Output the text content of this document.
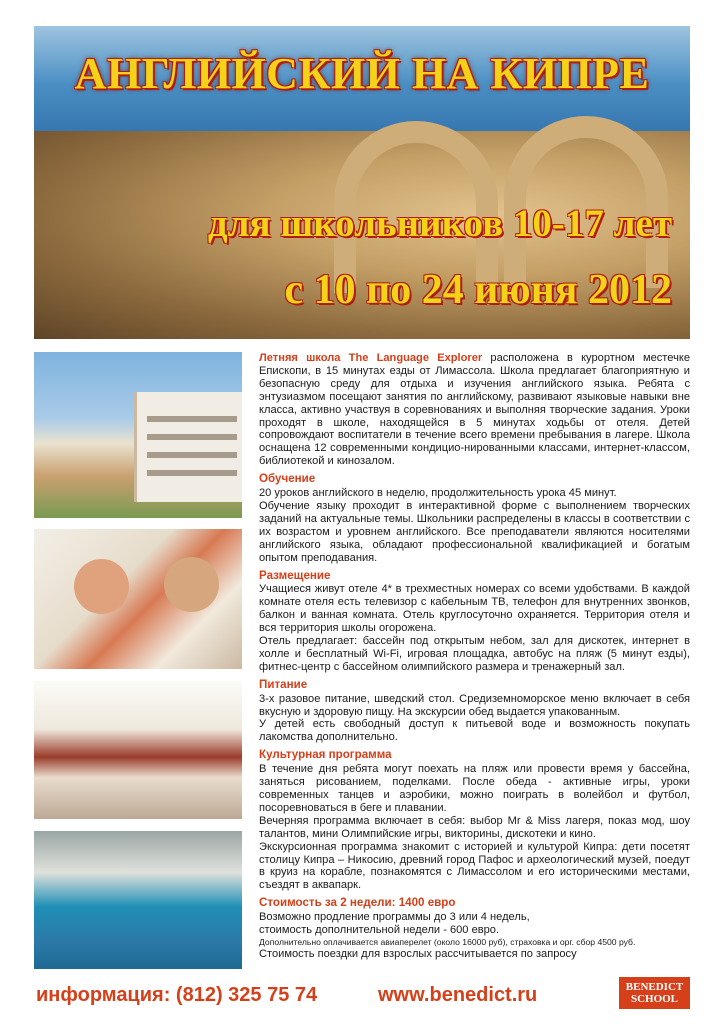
АНГЛИЙСКИЙ НА КИПРЕ
для школьников 10-17 лет
с 10 по 24 июня 2012

Летняя школа The Language Explorer расположена в курортном местечке Епископи, в 15 минутах езды от Лимассола. Школа предлагает благоприятную и безопасную среду для отдыха и изучения английского языка. Ребята с энтузиазмом посещают занятия по английскому, развивают языковые навыки вне класса, активно участвуя в соревнованиях и выполняя творческие задания. Уроки проходят в школе, находящейся в 5 минутах ходьбы от отеля. Детей сопровождают воспитатели в течение всего времени пребывания в лагере. Школа оснащена 12 современными кондицио-нированными классами, интернет-классом, библиотекой и кинозалом.

Обучение

20 уроков английского в неделю, продолжительность урока 45 минут.

Обучение языку проходит в интерактивной форме с выполнением творческих заданий на актуальные темы. Школьники распределены в классы в соответствии с их возрастом и уровнем английского. Все преподаватели являются носителями английского языка, обладают профессиональной квалификацией и богатым опытом преподавания.

Размещение

Учащиеся живут отеле 4* в трехместных номерах со всеми удобствами. В каждой комнате отеля есть телевизор с кабельным ТВ, телефон для внутренних звонков, балкон и ванная комната. Отель круглосуточно охраняется. Территория отеля и вся территория школы огорожена.

Отель предлагает: бассейн под открытым небом, зал для дискотек, интернет в холле и бесплатный Wi-Fi, игровая площадка, автобус на пляж (5 минут езды), фитнес-центр с бассейном олимпийского размера и тренажерный зал.

Питание

3-х разовое питание, шведский стол. Средиземноморское меню включает в себя вкусную и здоровую пищу. На экскурсии обед выдается упакованным.

У детей есть свободный доступ к питьевой воде и возможность покупать лакомства дополнительно.

Культурная программа

В течение дня ребята могут поехать на пляж или провести время у бассейна, заняться рисованием, поделками. После обеда - активные игры, уроки современных танцев и аэробики, можно поиграть в волейбол и футбол, посоревноваться в беге и плавании.

Вечерняя программа включает в себя: выбор Mr & Miss лагеря, показ мод, шоу талантов, мини Олимпийские игры, викторины, дискотеки и кино.

Экскурсионная программа знакомит с историей и культурой Кипра: дети посетят столицу Кипра – Никосию, древний город Пафос и археологический музей, поедут в круиз на корабле, познакомятся с Лимассолом и его историческими местами, съездят в аквапарк.

Стоимость за 2 недели: 1400 евро

Возможно продление программы до 3 или 4 недель,

стоимость дополнительной недели - 600 евро.

Дополнительно оплачивается авиаперелет (около 16000 руб), страховка и орг. сбор 4500 руб.

Стоимость поездки для взрослых рассчитывается по запросу

информация: (812) 325 75 74	www.benedict.ru	BENEDICT
SCHOOL
